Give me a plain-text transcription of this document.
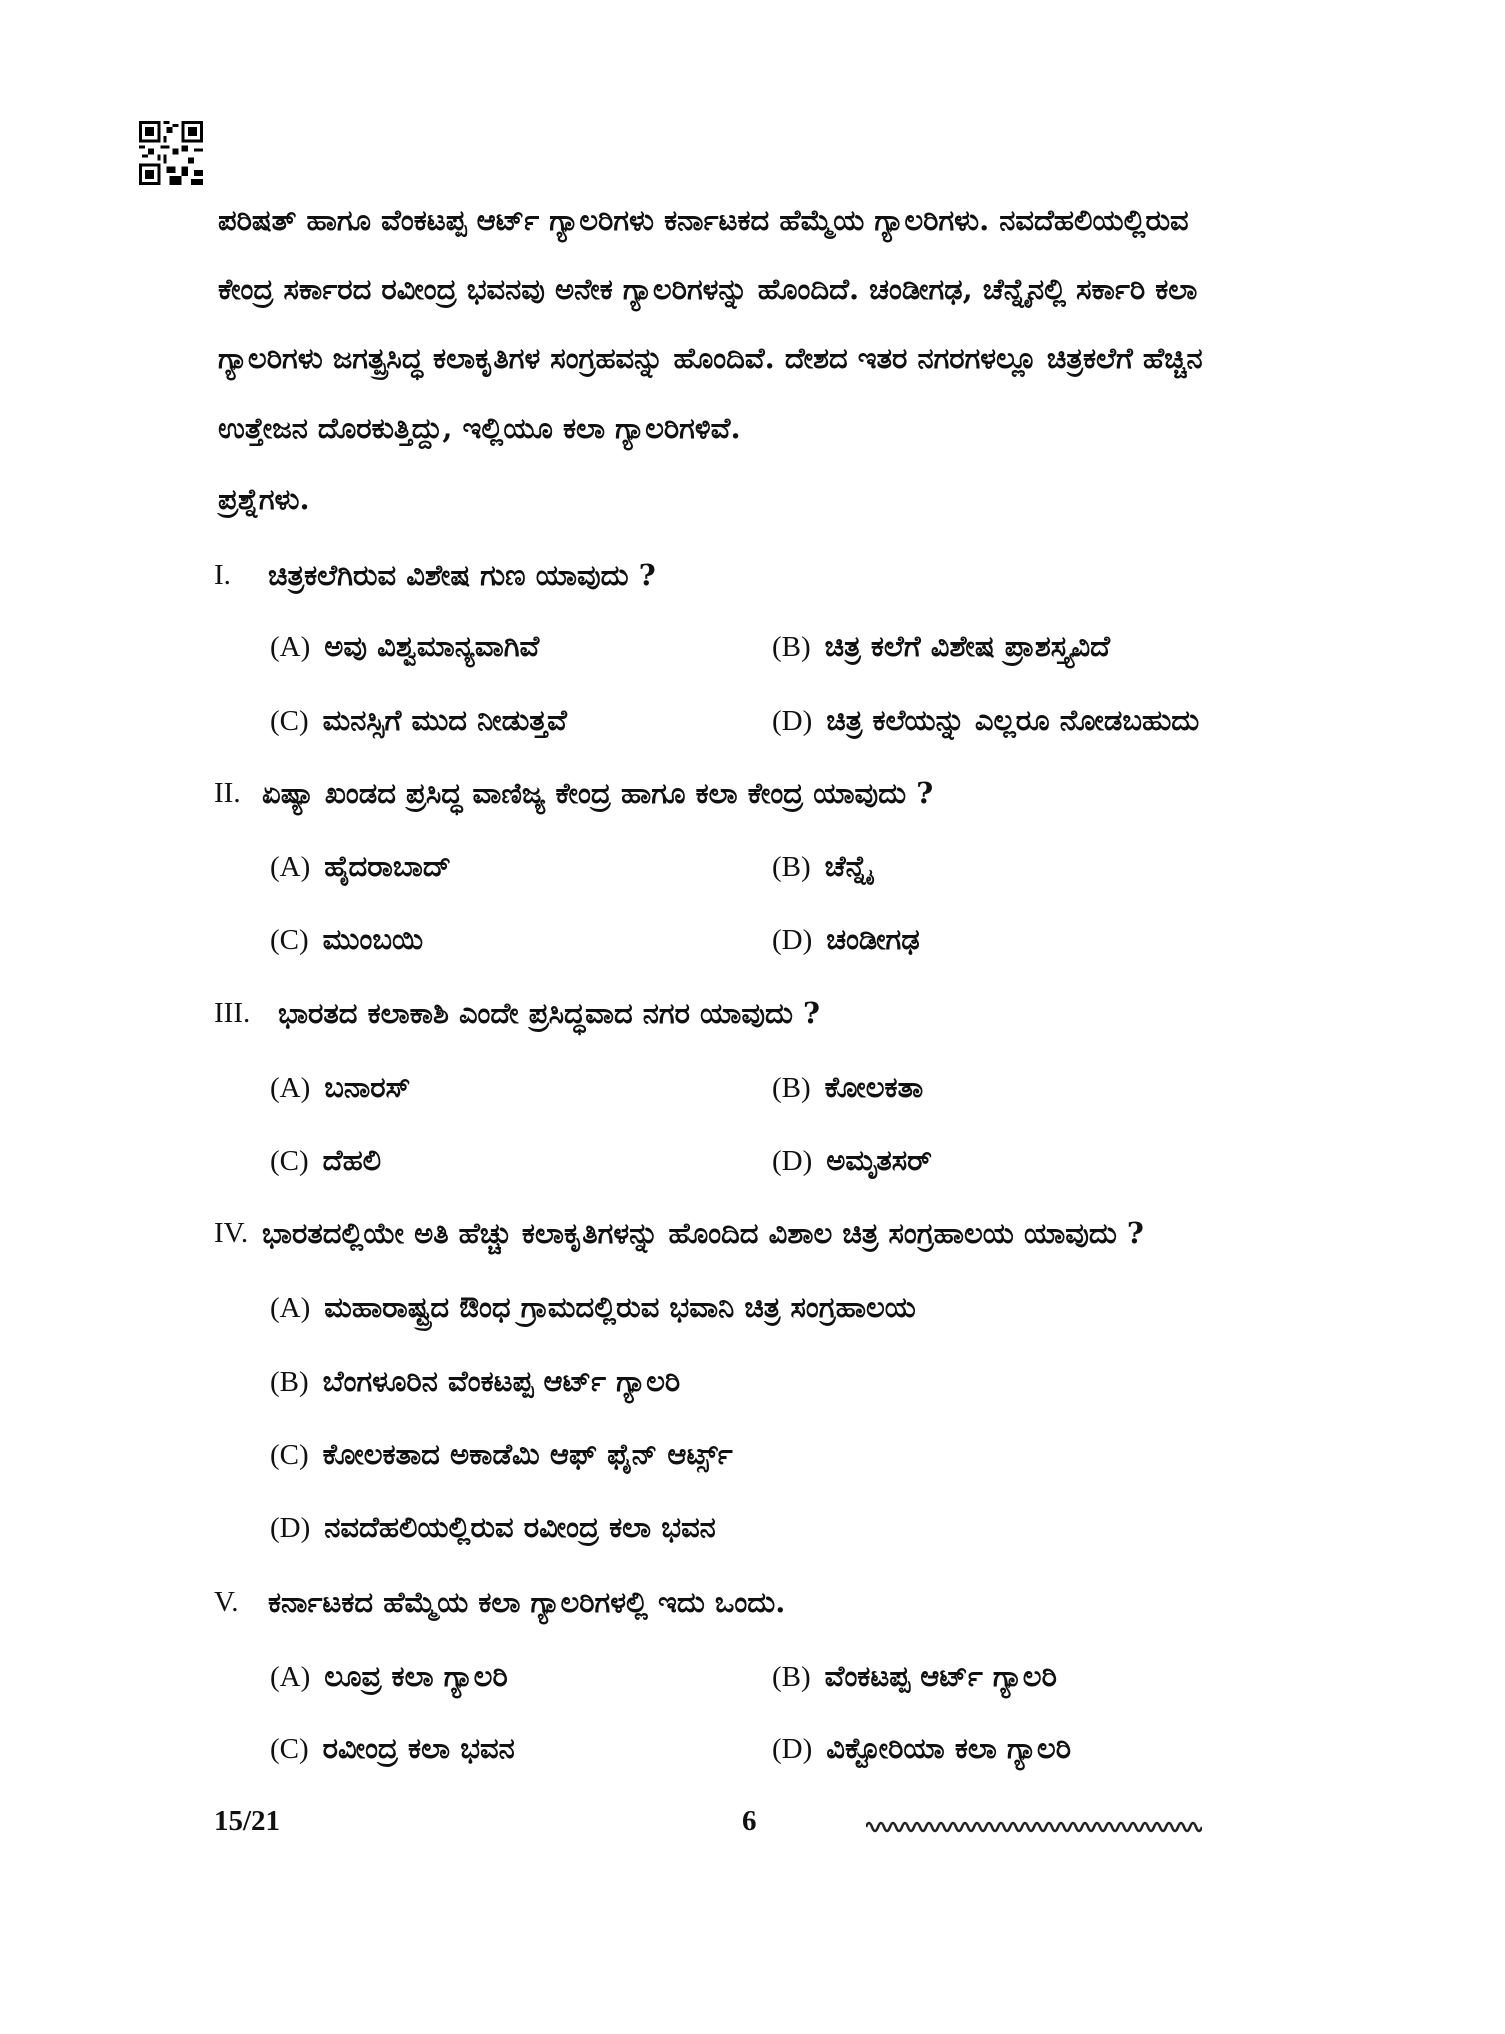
ಪರಿಷತ್ ಹಾಗೂ ವೆಂಕಟಪ್ಪ ಆರ್ಟ್ ಗ್ಯಾಲರಿಗಳು ಕರ್ನಾಟಕದ ಹೆಮ್ಮೆಯ ಗ್ಯಾಲರಿಗಳು. ನವದೆಹಲಿಯಲ್ಲಿರುವ
ಕೇಂದ್ರ ಸರ್ಕಾರದ ರವೀಂದ್ರ ಭವನವು ಅನೇಕ ಗ್ಯಾಲರಿಗಳನ್ನು ಹೊಂದಿದೆ. ಚಂಡೀಗಢ, ಚೆನ್ನೈನಲ್ಲಿ ಸರ್ಕಾರಿ ಕಲಾ
ಗ್ಯಾಲರಿಗಳು ಜಗತ್ಪ್ರಸಿದ್ಧ ಕಲಾಕೃತಿಗಳ ಸಂಗ್ರಹವನ್ನು ಹೊಂದಿವೆ. ದೇಶದ ಇತರ ನಗರಗಳಲ್ಲೂ ಚಿತ್ರಕಲೆಗೆ ಹೆಚ್ಚಿನ
ಉತ್ತೇಜನ ದೊರಕುತ್ತಿದ್ದು, ಇಲ್ಲಿಯೂ ಕಲಾ ಗ್ಯಾಲರಿಗಳಿವೆ.
ಪ್ರಶ್ನೆಗಳು.
I. ಚಿತ್ರಕಲೆಗಿರುವ ವಿಶೇಷ ಗುಣ ಯಾವುದು ?
(A) ಅವು ವಿಶ್ವಮಾನ್ಯವಾಗಿವೆ	(B) ಚಿತ್ರ ಕಲೆಗೆ ವಿಶೇಷ ಪ್ರಾಶಸ್ತ್ಯವಿದೆ
(C) ಮನಸ್ಸಿಗೆ ಮುದ ನೀಡುತ್ತವೆ	(D) ಚಿತ್ರ ಕಲೆಯನ್ನು ಎಲ್ಲರೂ ನೋಡಬಹುದು
II. ಏಷ್ಯಾ ಖಂಡದ ಪ್ರಸಿದ್ಧ ವಾಣಿಜ್ಯ ಕೇಂದ್ರ ಹಾಗೂ ಕಲಾ ಕೇಂದ್ರ ಯಾವುದು ?
(A) ಹೈದರಾಬಾದ್	(B) ಚೆನ್ನೈ
(C) ಮುಂಬಯಿ	(D) ಚಂಡೀಗಢ
III. ಭಾರತದ ಕಲಾಕಾಶಿ ಎಂದೇ ಪ್ರಸಿದ್ಧವಾದ ನಗರ ಯಾವುದು ?
(A) ಬನಾರಸ್	(B) ಕೋಲಕತಾ
(C) ದೆಹಲಿ	(D) ಅಮೃತಸರ್
IV. ಭಾರತದಲ್ಲಿಯೇ ಅತಿ ಹೆಚ್ಚು ಕಲಾಕೃತಿಗಳನ್ನು ಹೊಂದಿದ ವಿಶಾಲ ಚಿತ್ರ ಸಂಗ್ರಹಾಲಯ ಯಾವುದು ?
(A) ಮಹಾರಾಷ್ಟ್ರದ ಔಂಧ ಗ್ರಾಮದಲ್ಲಿರುವ ಭವಾನಿ ಚಿತ್ರ ಸಂಗ್ರಹಾಲಯ
(B) ಬೆಂಗಳೂರಿನ ವೆಂಕಟಪ್ಪ ಆರ್ಟ್ ಗ್ಯಾಲರಿ
(C) ಕೋಲಕತಾದ ಅಕಾಡೆಮಿ ಆಫ್ ಫೈನ್ ಆರ್ಟ್ಸ್
(D) ನವದೆಹಲಿಯಲ್ಲಿರುವ ರವೀಂದ್ರ ಕಲಾ ಭವನ
V. ಕರ್ನಾಟಕದ ಹೆಮ್ಮೆಯ ಕಲಾ ಗ್ಯಾಲರಿಗಳಲ್ಲಿ ಇದು ಒಂದು.
(A) ಲೂವ್ರ ಕಲಾ ಗ್ಯಾಲರಿ	(B) ವೆಂಕಟಪ್ಪ ಆರ್ಟ್ ಗ್ಯಾಲರಿ
(C) ರವೀಂದ್ರ ಕಲಾ ಭವನ	(D) ವಿಕ್ಟೋರಿಯಾ ಕಲಾ ಗ್ಯಾಲರಿ
15/21	6
